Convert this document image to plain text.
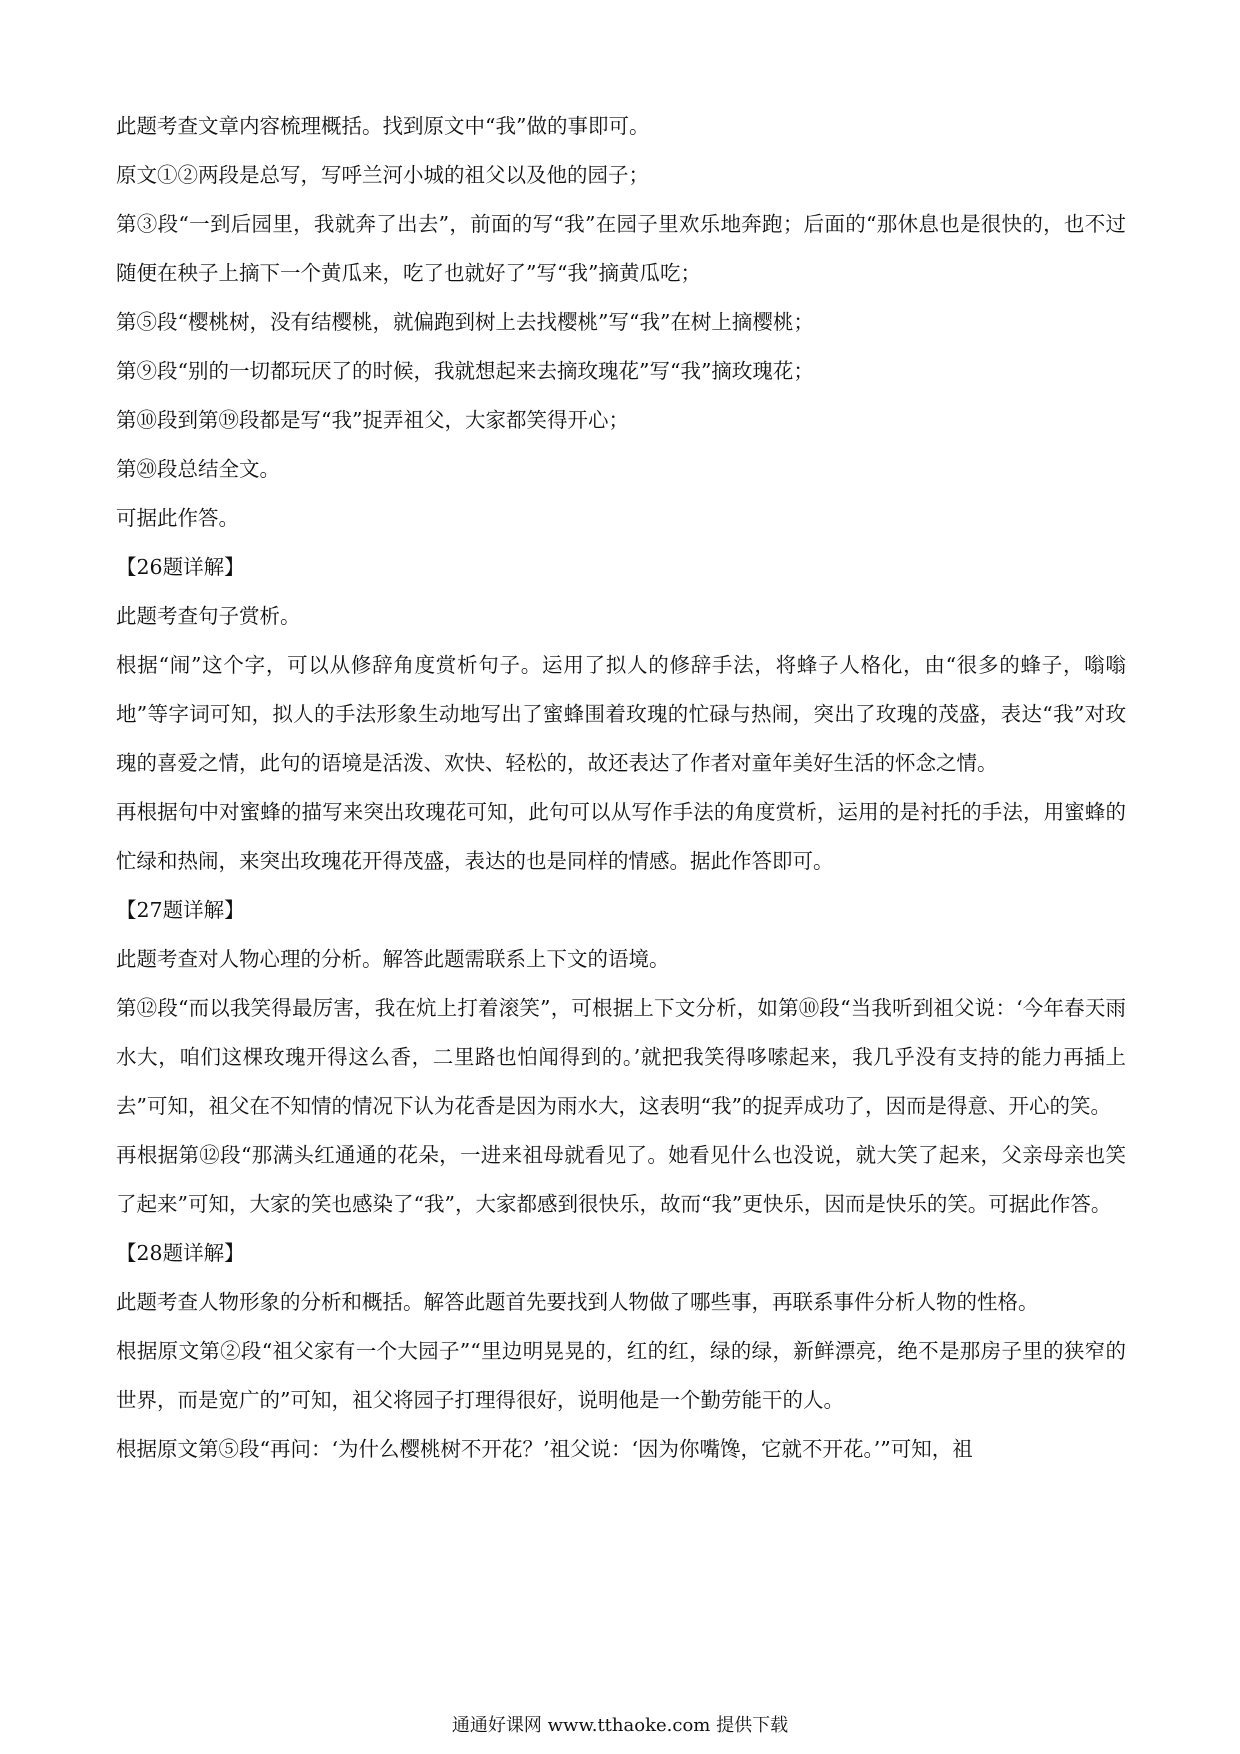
此题考查文章内容梳理概括。找到原文中“我”做的事即可。

原文①②两段是总写，写呼兰河小城的祖父以及他的园子；

第③段“一到后园里，我就奔了出去”，前面的写“我”在园子里欢乐地奔跑；后面的“那休息也是很快的，也不过随便在秧子上摘下一个黄瓜来，吃了也就好了”写“我”摘黄瓜吃；

第⑤段“樱桃树，没有结樱桃，就偏跑到树上去找樱桃”写“我”在树上摘樱桃；

第⑨段“别的一切都玩厌了的时候，我就想起来去摘玫瑰花”写“我”摘玫瑰花；

第⑩段到第⑲段都是写“我”捉弄祖父，大家都笑得开心；

第⑳段总结全文。

可据此作答。

【26题详解】

此题考查句子赏析。

根据“闹”这个字，可以从修辞角度赏析句子。运用了拟人的修辞手法，将蜂子人格化，由“很多的蜂子，嗡嗡地”等字词可知，拟人的手法形象生动地写出了蜜蜂围着玫瑰的忙碌与热闹，突出了玫瑰的茂盛，表达“我”对玫瑰的喜爱之情，此句的语境是活泼、欢快、轻松的，故还表达了作者对童年美好生活的怀念之情。

再根据句中对蜜蜂的描写来突出玫瑰花可知，此句可以从写作手法的角度赏析，运用的是衬托的手法，用蜜蜂的忙绿和热闹，来突出玫瑰花开得茂盛，表达的也是同样的情感。据此作答即可。

【27题详解】

此题考查对人物心理的分析。解答此题需联系上下文的语境。

第⑫段“而以我笑得最厉害，我在炕上打着滚笑”，可根据上下文分析，如第⑩段“当我听到祖父说：‘今年春天雨水大，咱们这棵玫瑰开得这么香，二里路也怕闻得到的。’就把我笑得哆嗦起来，我几乎没有支持的能力再插上去”可知，祖父在不知情的情况下认为花香是因为雨水大，这表明“我”的捉弄成功了，因而是得意、开心的笑。

再根据第⑫段“那满头红通通的花朵，一进来祖母就看见了。她看见什么也没说，就大笑了起来，父亲母亲也笑了起来”可知，大家的笑也感染了“我”，大家都感到很快乐，故而“我”更快乐，因而是快乐的笑。可据此作答。

【28题详解】

此题考查人物形象的分析和概括。解答此题首先要找到人物做了哪些事，再联系事件分析人物的性格。

根据原文第②段“祖父家有一个大园子”“里边明晃晃的，红的红，绿的绿，新鲜漂亮，绝不是那房子里的狭窄的世界，而是宽广的”可知，祖父将园子打理得很好，说明他是一个勤劳能干的人。

根据原文第⑤段“再问：‘为什么樱桃树不开花？’祖父说：‘因为你嘴馋，它就不开花。’”可知，祖

通通好课网 www.tthaoke.com 提供下载
